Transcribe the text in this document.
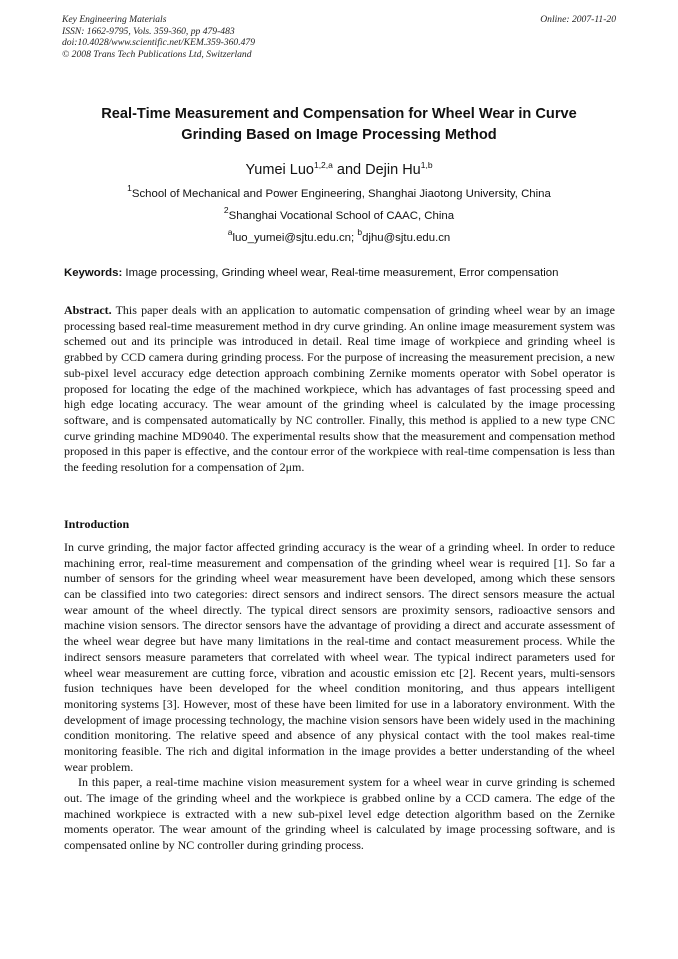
Key Engineering Materials
ISSN: 1662-9795, Vols. 359-360, pp 479-483
doi:10.4028/www.scientific.net/KEM.359-360.479
© 2008 Trans Tech Publications Ltd, Switzerland
Online: 2007-11-20
Real-Time Measurement and Compensation for Wheel Wear in Curve
Grinding Based on Image Processing Method
Yumei Luo$^{1,2,a}$ and Dejin Hu$^{1,b}$
$^1$School of Mechanical and Power Engineering, Shanghai Jiaotong University, China
$^2$Shanghai Vocational School of CAAC, China
$^a$luo_yumei@sjtu.edu.cn; $^b$djhu@sjtu.edu.cn
Keywords: Image processing, Grinding wheel wear, Real-time measurement, Error compensation
Abstract. This paper deals with an application to automatic compensation of grinding wheel wear by an image processing based real-time measurement method in dry curve grinding. An online image measurement system was schemed out and its principle was introduced in detail. Real time image of workpiece and grinding wheel is grabbed by CCD camera during grinding process. For the purpose of increasing the measurement precision, a new sub-pixel level accuracy edge detection approach combining Zernike moments operator with Sobel operator is proposed for locating the edge of the machined workpiece, which has advantages of fast processing speed and high edge locating accuracy. The wear amount of the grinding wheel is calculated by the image processing software, and is compensated automatically by NC controller. Finally, this method is applied to a new type CNC curve grinding machine MD9040. The experimental results show that the measurement and compensation method proposed in this paper is effective, and the contour error of the workpiece with real-time compensation is less than the feeding resolution for a compensation of 2μm.
Introduction

In curve grinding, the major factor affected grinding accuracy is the wear of a grinding wheel. In order to reduce machining error, real-time measurement and compensation of the grinding wheel wear is required [1]. So far a number of sensors for the grinding wheel wear measurement have been developed, among which these sensors can be classified into two categories: direct sensors and indirect sensors. The direct sensors measure the actual wear amount of the wheel directly. The typical direct sensors are proximity sensors, radioactive sensors and machine vision sensors. The director sensors have the advantage of providing a direct and accurate assessment of the wheel wear degree but have many limitations in the real-time and contact measurement process. While the indirect sensors measure parameters that correlated with wheel wear. The typical indirect parameters used for wheel wear measurement are cutting force, vibration and acoustic emission etc [2]. Recent years, multi-sensors fusion techniques have been developed for the wheel condition monitoring, and thus appears intelligent monitoring systems [3]. However, most of these have been limited for use in a laboratory environment. With the development of image processing technology, the machine vision sensors have been widely used in the machining condition monitoring. The relative speed and absence of any physical contact with the tool makes real-time monitoring feasible. The rich and digital information in the image provides a better understanding of the wheel wear problem.

In this paper, a real-time machine vision measurement system for a wheel wear in curve grinding is schemed out. The image of the grinding wheel and the workpiece is grabbed online by a CCD camera. The edge of the machined workpiece is extracted with a new sub-pixel level edge detection algorithm based on the Zernike moments operator. The wear amount of the grinding wheel is calculated by image processing software, and is compensated online by NC controller during grinding process.
